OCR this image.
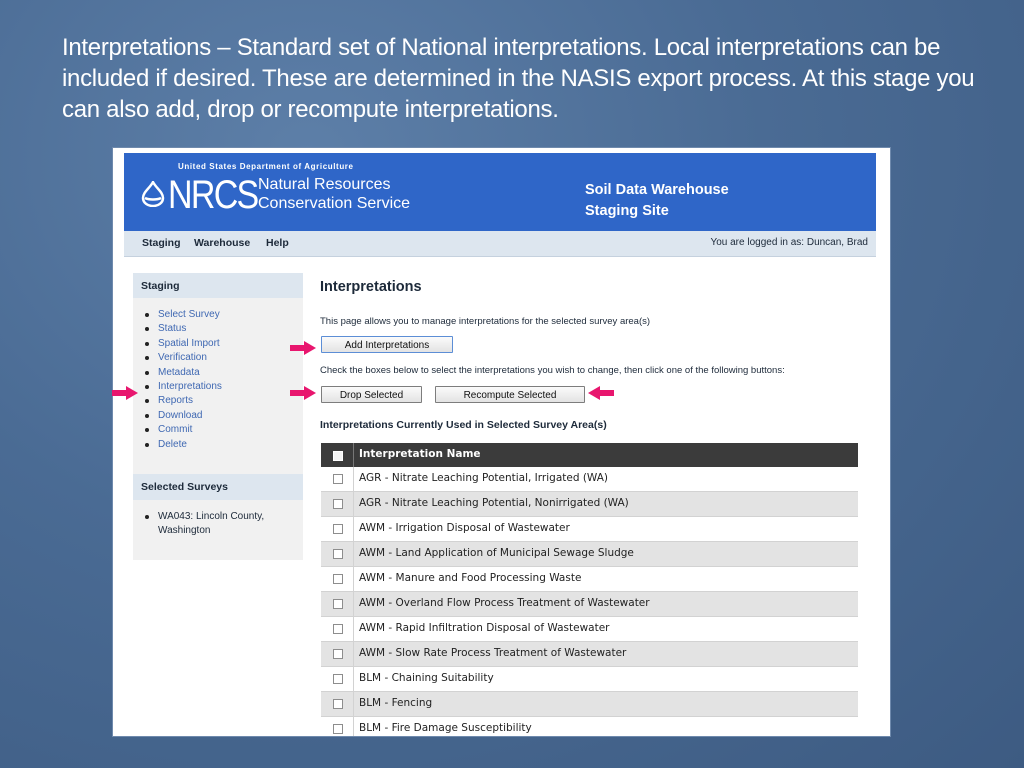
Interpretations – Standard set of National interpretations. Local interpretations can be included if desired. These are determined in the NASIS export process. At this stage you can also add, drop or recompute interpretations.
United States Department of Agriculture
NRCS Natural Resources
Conservation Service
Soil Data Warehouse
Staging Site
Staging Warehouse Help	You are logged in as: Duncan, Brad
Staging
Select Survey
Status
Spatial Import
Verification
Metadata
Interpretations
Reports
Download
Commit
Delete
Selected Surveys
WA043: Lincoln County, Washington
Interpretations
This page allows you to manage interpretations for the selected survey area(s)
Add Interpretations
Check the boxes below to select the interpretations you wish to change, then click one of the following buttons:
Drop Selected	Recompute Selected
Interpretations Currently Used in Selected Survey Area(s)
Interpretation Name
AGR - Nitrate Leaching Potential, Irrigated (WA)
AGR - Nitrate Leaching Potential, Nonirrigated (WA)
AWM - Irrigation Disposal of Wastewater
AWM - Land Application of Municipal Sewage Sludge
AWM - Manure and Food Processing Waste
AWM - Overland Flow Process Treatment of Wastewater
AWM - Rapid Infiltration Disposal of Wastewater
AWM - Slow Rate Process Treatment of Wastewater
BLM - Chaining Suitability
BLM - Fencing
BLM - Fire Damage Susceptibility
